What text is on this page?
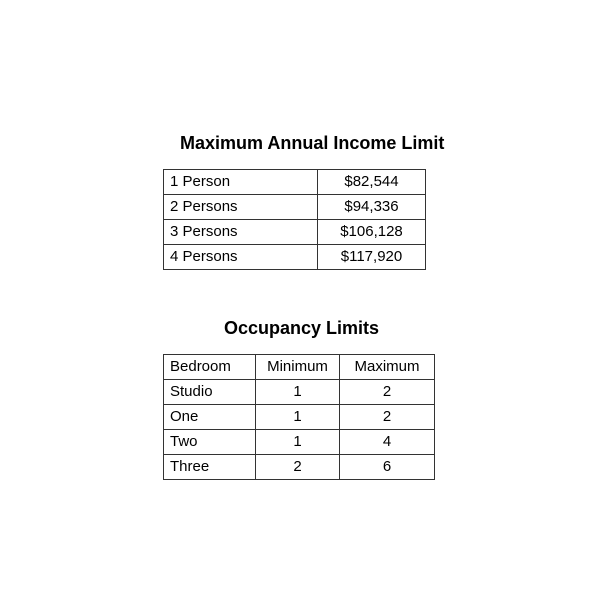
Maximum Annual Income Limit
1 Person	$82,544
2 Persons	$94,336
3 Persons	$106,128
4 Persons	$117,920
Occupancy Limits
Bedroom	Minimum	Maximum
Studio	1	2
One	1	2
Two	1	4
Three	2	6
